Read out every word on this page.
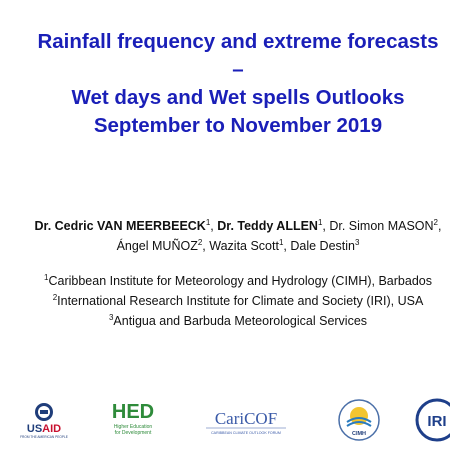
Rainfall frequency and extreme forecasts
–
Wet days and Wet spells Outlooks
September to November 2019
Dr. Cedric VAN MEERBEECK$^1$, Dr. Teddy ALLEN$^1$, Dr. Simon MASON$^2$,
Ángel MUÑOZ$^2$, Wazita Scott$^1$, Dale Destin$^3$
$^1$Caribbean Institute for Meteorology and Hydrology (CIMH), Barbados
$^2$International Research Institute for Climate and Society (IRI), USA
$^3$Antigua and Barbuda Meteorological Services
USAID
FROM THE AMERICAN PEOPLE
HED
Higher Education
for Development
CariCOF
CARIBBEAN CLIMATE OUTLOOK FORUM	CIMH
IRI
